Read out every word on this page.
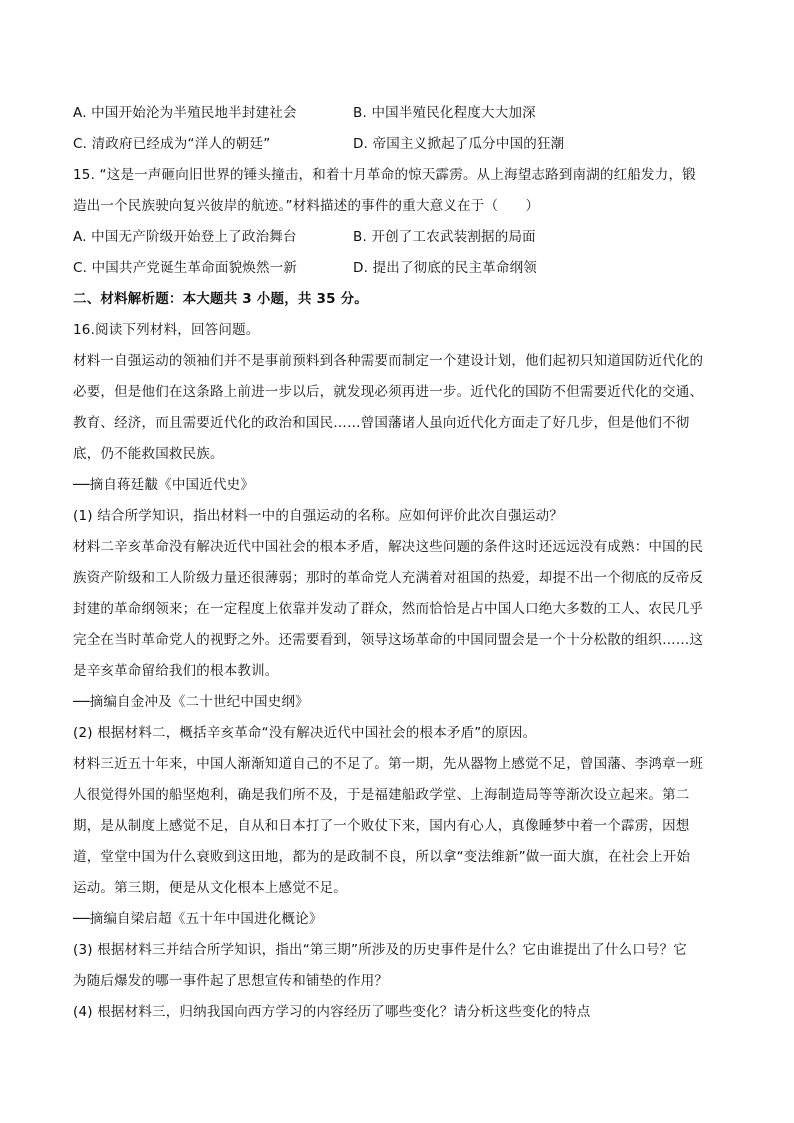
A. 中国开始沦为半殖民地半封建社会	B. 中国半殖民化程度大大加深
C. 清政府已经成为“洋人的朝廷”	D. 帝国主义掀起了瓜分中国的狂潮
15. “这是一声砸向旧世界的锤头撞击，和着十月革命的惊天霹雳。从上海望志路到南湖的红船发力，锻
造出一个民族驶向复兴彼岸的航迹。”材料描述的事件的重大意义在于（　　）
A. 中国无产阶级开始登上了政治舞台	B. 开创了工农武装割据的局面
C. 中国共产党诞生革命面貌焕然一新	D. 提出了彻底的民主革命纲领
二、材料解析题：本大题共 3 小题，共 35 分。
16.阅读下列材料，回答问题。
材料一自强运动的领袖们并不是事前预料到各种需要而制定一个建设计划，他们起初只知道国防近代化的
必要，但是他们在这条路上前进一步以后，就发现必须再进一步。近代化的国防不但需要近代化的交通、
教育、经济，而且需要近代化的政治和国民……曾国藩诸人虽向近代化方面走了好几步，但是他们不彻
底，仍不能救国救民族。
──摘自蒋廷黻《中国近代史》
(1) 结合所学知识，指出材料一中的自强运动的名称。应如何评价此次自强运动？
材料二辛亥革命没有解决近代中国社会的根本矛盾，解决这些问题的条件这时还远远没有成熟：中国的民
族资产阶级和工人阶级力量还很薄弱；那时的革命党人充满着对祖国的热爱，却提不出一个彻底的反帝反
封建的革命纲领来；在一定程度上依靠并发动了群众，然而恰恰是占中国人口绝大多数的工人、农民几乎
完全在当时革命党人的视野之外。还需要看到，领导这场革命的中国同盟会是一个十分松散的组织……这
是辛亥革命留给我们的根本教训。
──摘编自金冲及《二十世纪中国史纲》
(2) 根据材料二，概括辛亥革命“没有解决近代中国社会的根本矛盾”的原因。
材料三近五十年来，中国人渐渐知道自己的不足了。第一期，先从器物上感觉不足，曾国藩、李鸿章一班
人很觉得外国的船坚炮利，确是我们所不及，于是福建船政学堂、上海制造局等等渐次设立起来。第二
期，是从制度上感觉不足，自从和日本打了一个败仗下来，国内有心人，真像睡梦中着一个霹雳，因想
道，堂堂中国为什么衰败到这田地，都为的是政制不良，所以拿“变法维新”做一面大旗，在社会上开始
运动。第三期，便是从文化根本上感觉不足。
──摘编自梁启超《五十年中国进化概论》
(3) 根据材料三并结合所学知识，指出“第三期”所涉及的历史事件是什么？它由谁提出了什么口号？它
为随后爆发的哪一事件起了思想宣传和铺垫的作用？
(4) 根据材料三，归纳我国向西方学习的内容经历了哪些变化？请分析这些变化的特点
